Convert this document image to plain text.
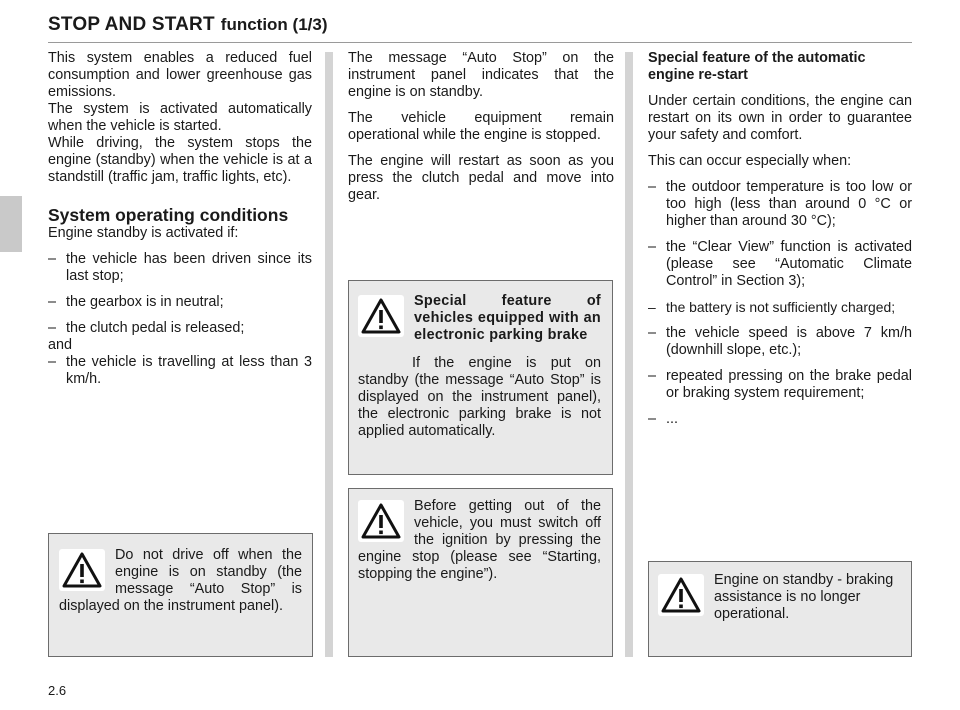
STOP AND START function (1/3)

This system enables a reduced fuel consumption and lower greenhouse gas emissions.

The system is activated automatically when the vehicle is started.

While driving, the system stops the engine (standby) when the vehicle is at a standstill (traffic jam, traffic lights, etc).

System operating conditions

Engine standby is activated if:

– the vehicle has been driven since its last stop;
– the gearbox is in neutral;
– the clutch pedal is released;
and
– the vehicle is travelling at less than 3 km/h.

Do not drive off when the engine is on standby (the message “Auto Stop” is displayed on the instrument panel).

The message “Auto Stop” on the instrument panel indicates that the engine is on standby.

The vehicle equipment remain operational while the engine is stopped.

The engine will restart as soon as you press the clutch pedal and move into gear.

Special feature of vehicles equipped with an electronic parking brake

If the engine is put on standby (the message “Auto Stop” is displayed on the instrument panel), the electronic parking brake is not applied automatically.

Before getting out of the vehicle, you must switch off the ignition by pressing the engine stop (please see “Starting, stopping the engine”).

Special feature of the automatic engine re-start

Under certain conditions, the engine can restart on its own in order to guarantee your safety and comfort.

This can occur especially when:

– the outdoor temperature is too low or too high (less than around 0 °C or higher than around 30 °C);
– the “Clear View” function is activated (please see “Automatic Climate Control” in Section 3);
– the battery is not sufficiently charged;
– the vehicle speed is above 7 km/h (downhill slope, etc.);
– repeated pressing on the brake pedal or braking system requirement;
– ...

Engine on standby - braking assistance is no longer operational.

2.6
